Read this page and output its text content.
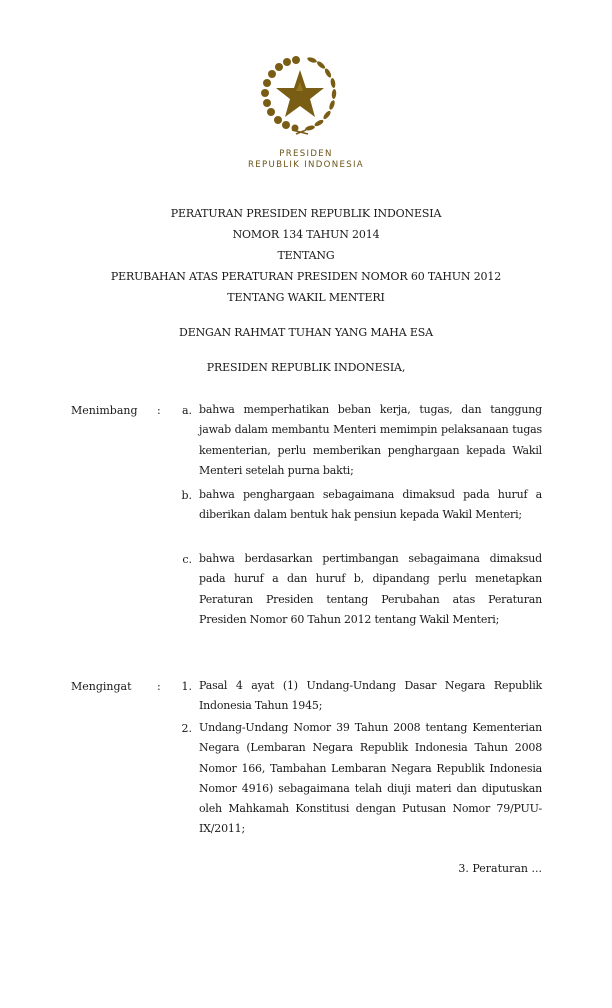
PRESIDEN
REPUBLIK INDONESIA
PERATURAN PRESIDEN REPUBLIK INDONESIA
NOMOR 134 TAHUN 2014
TENTANG
PERUBAHAN ATAS PERATURAN PRESIDEN NOMOR 60 TAHUN 2012
TENTANG WAKIL MENTERI
DENGAN RAHMAT TUHAN YANG MAHA ESA
PRESIDEN REPUBLIK INDONESIA,
Menimbang :	a. bahwa memperhatikan beban kerja, tugas, dan tanggung jawab dalam membantu Menteri memimpin pelaksanaan tugas kementerian, perlu memberikan penghargaan kepada Wakil Menteri setelah purna bakti;
b. bahwa penghargaan sebagaimana dimaksud pada huruf a diberikan dalam bentuk hak pensiun kepada Wakil Menteri;
c. bahwa berdasarkan pertimbangan sebagaimana dimaksud pada huruf a dan huruf b, dipandang perlu menetapkan Peraturan Presiden tentang Perubahan atas Peraturan Presiden Nomor 60 Tahun 2012 tentang Wakil Menteri;
Mengingat :	1. Pasal 4 ayat (1) Undang-Undang Dasar Negara Republik Indonesia Tahun 1945;
2. Undang-Undang Nomor 39 Tahun 2008 tentang Kementerian Negara (Lembaran Negara Republik Indonesia Tahun 2008 Nomor 166, Tambahan Lembaran Negara Republik Indonesia Nomor 4916) sebagaimana telah diuji materi dan diputuskan oleh Mahkamah Konstitusi dengan Putusan Nomor 79/PUU-IX/2011;
3. Peraturan ...
